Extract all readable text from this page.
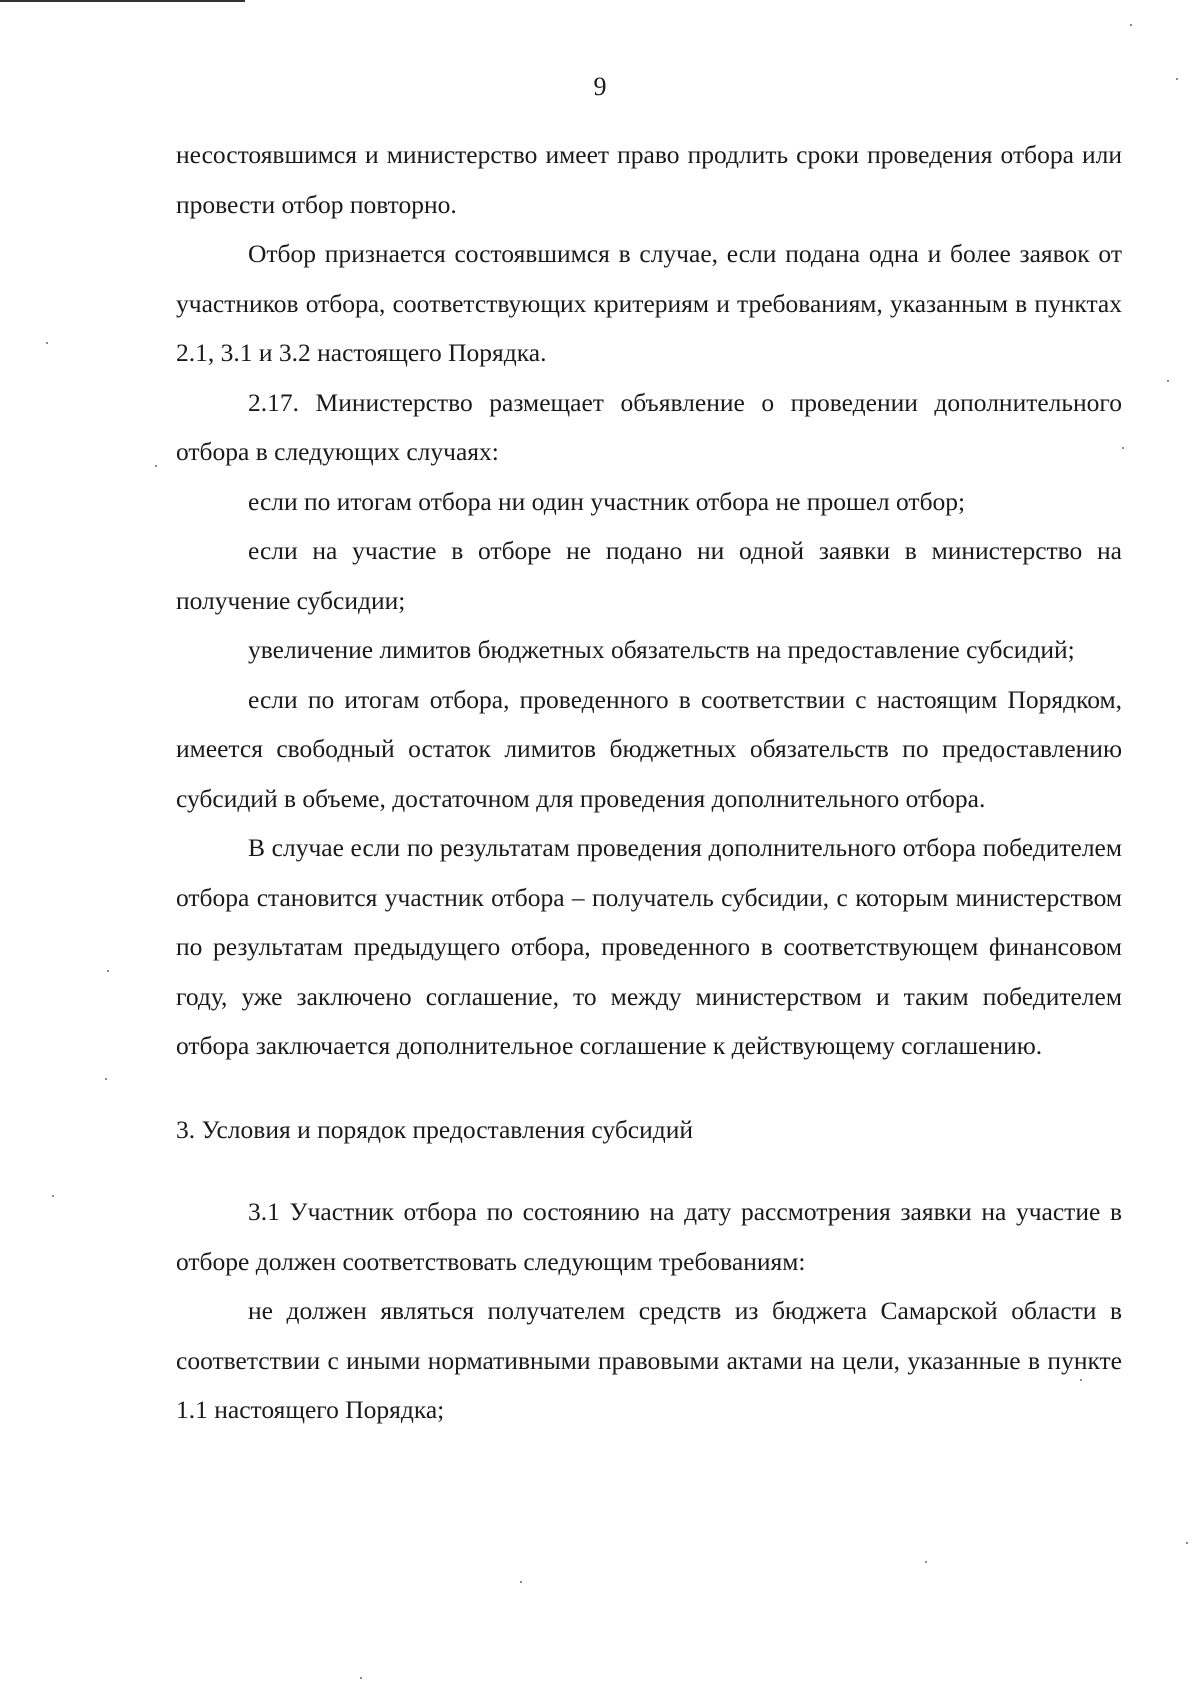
9

несостоявшимся и министерство имеет право продлить сроки проведения отбора или провести отбор повторно.

Отбор признается состоявшимся в случае, если подана одна и более заявок от участников отбора, соответствующих критериям и требованиям, указанным в пунктах 2.1, 3.1 и 3.2 настоящего Порядка.

2.17. Министерство размещает объявление о проведении дополнительного отбора в следующих случаях:

если по итогам отбора ни один участник отбора не прошел отбор;

если на участие в отборе не подано ни одной заявки в министерство на получение субсидии;

увеличение лимитов бюджетных обязательств на предоставление субсидий;

если по итогам отбора, проведенного в соответствии с настоящим Порядком, имеется свободный остаток лимитов бюджетных обязательств по предоставлению субсидий в объеме, достаточном для проведения дополнительного отбора.

В случае если по результатам проведения дополнительного отбора победителем отбора становится участник отбора – получатель субсидии, с которым министерством по результатам предыдущего отбора, проведенного в соответствующем финансовом году, уже заключено соглашение, то между министерством и таким победителем отбора заключается дополнительное соглашение к действующему соглашению.

3. Условия и порядок предоставления субсидий

3.1 Участник отбора по состоянию на дату рассмотрения заявки на участие в отборе должен соответствовать следующим требованиям:

не должен являться получателем средств из бюджета Самарской области в соответствии с иными нормативными правовыми актами на цели, указанные в пункте 1.1 настоящего Порядка;
